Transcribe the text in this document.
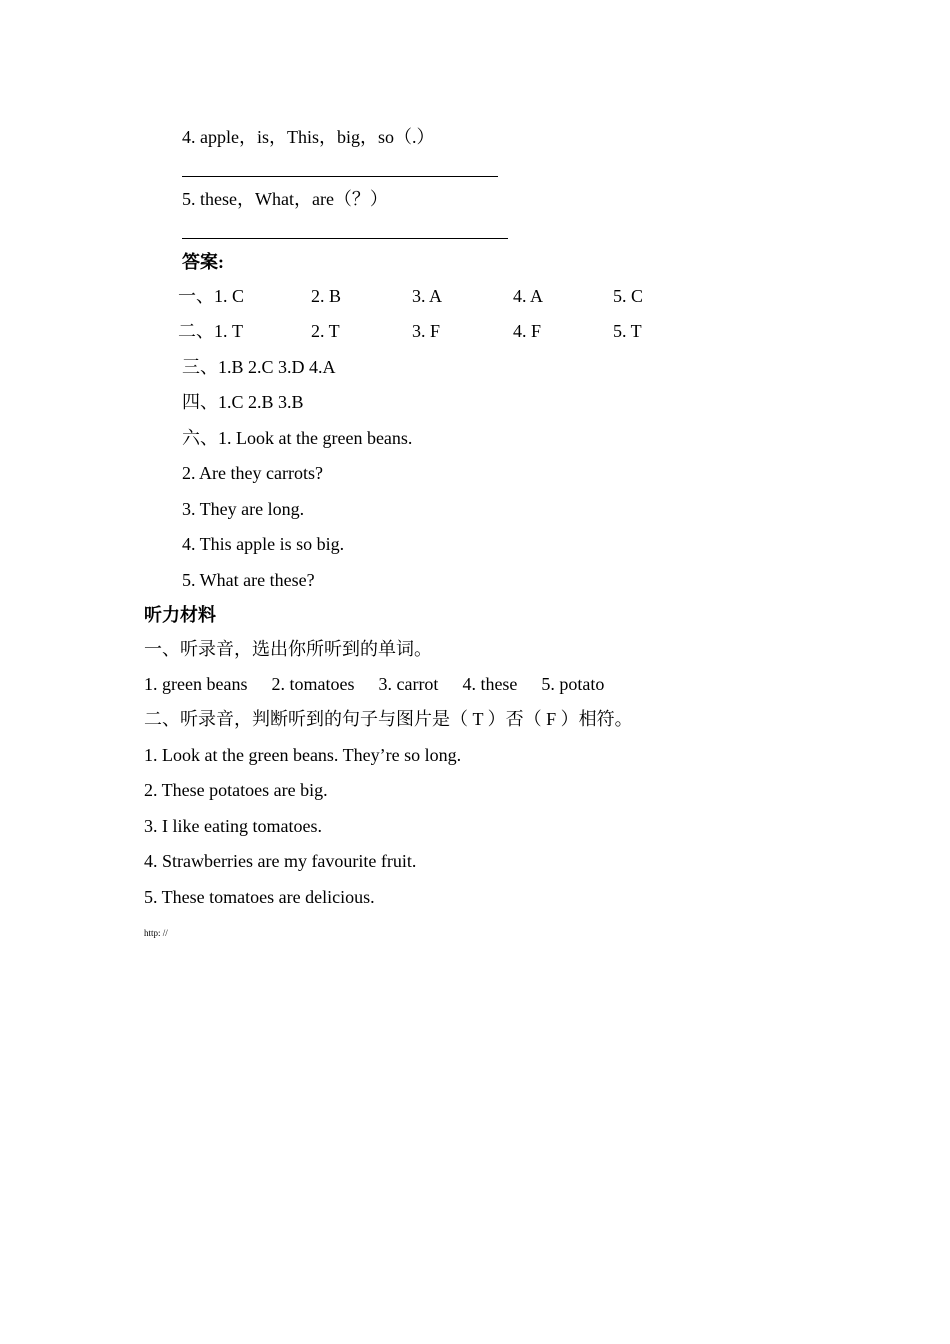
4. apple，is，This，big，so（.）
5. these，What，are（？）
答案:
一、1. C	2. B	3. A	4. A	5. C
二、1. T	2. T	3. F	4. F	5. T
三、1.B 2.C 3.D 4.A
四、1.C 2.B 3.B
六、1. Look at the green beans.
2. Are they carrots?
3. They are long.
4. This apple is so big.
5. What are these?
听力材料
一、听录音，选出你所听到的单词。
1. green beans 2. tomatoes 3. carrot 4. these 5. potato
二、听录音，判断听到的句子与图片是（ T ）否（ F ）相符。
1. Look at the green beans. They’re so long.
2. These potatoes are big.
3. I like eating tomatoes.
4. Strawberries are my favourite fruit.
5. These tomatoes are delicious.
http: //
